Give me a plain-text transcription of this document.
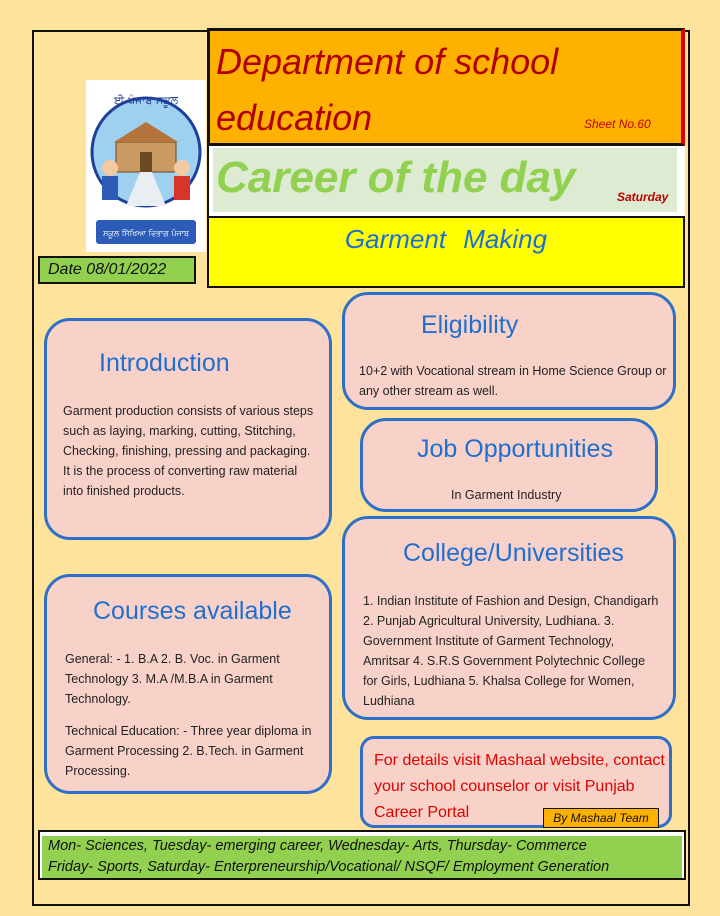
ਈ-ਪੰਜਾਬ ਸਕੂਲ
ਸਕੂਲ ਸਿੱਖਿਆ ਵਿਭਾਗ ਪੰਜਾਬ
Department of school
education	Sheet No.60
Career of the day	Saturday
Garment Making
Date 08/01/2022
Introduction
Garment production consists of various steps such as laying, marking, cutting, Stitching, Checking, finishing, pressing and packaging. It is the process of converting raw material into finished products.
Eligibility
10+2 with Vocational stream in Home Science Group or any other stream as well.
Job Opportunities
In Garment Industry
College/Universities
1. Indian Institute of Fashion and Design, Chandigarh 2. Punjab Agricultural University, Ludhiana. 3. Government Institute of Garment Technology, Amritsar 4. S.R.S Government Polytechnic College for Girls, Ludhiana 5. Khalsa College for Women, Ludhiana
Courses available
General: - 1. B.A 2. B. Voc. in Garment Technology 3. M.A /M.B.A in Garment Technology.
Technical Education: - Three year diploma in Garment Processing 2. B.Tech. in Garment Processing.
For details visit Mashaal website, contact your school counselor or visit Punjab Career Portal	By Mashaal Team
Mon- Sciences, Tuesday- emerging career, Wednesday- Arts, Thursday- Commerce
Friday- Sports, Saturday- Enterpreneurship/Vocational/ NSQF/ Employment Generation
